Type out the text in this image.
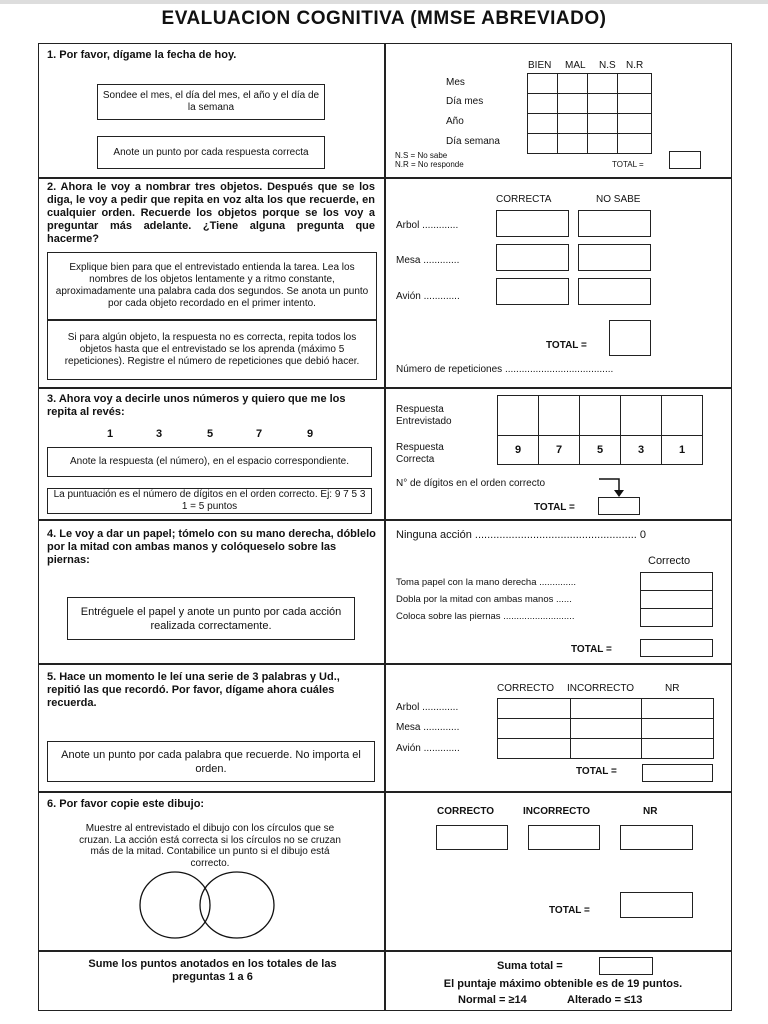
EVALUACION COGNITIVA (MMSE ABREVIADO)
1. Por favor, dígame la fecha de hoy.
Sondee el mes, el día del mes, el año y el día de la semana
Anote un punto por cada respuesta correcta
BIEN MAL N.S N.R
Mes
Día mes
Año
Día semana

N.S = No sabe
N.R = No responde	TOTAL =
2. Ahora le voy a nombrar tres objetos. Después que se los diga, le voy a pedir que repita en voz alta los que recuerde, en cualquier orden. Recuerde los objetos porque se los voy a preguntar más adelante. ¿Tiene alguna pregunta que hacerme?
Explique bien para que el entrevistado entienda la tarea. Lea los nombres de los objetos lentamente y a ritmo constante, aproximadamente una palabra cada dos segundos. Se anota un punto por cada objeto recordado en el primer intento.
Si para algún objeto, la respuesta no es correcta, repita todos los objetos hasta que el entrevistado se los aprenda (máximo 5 repeticiones). Registre el número de repeticiones que debió hacer.
CORRECTA	NO SABE
Arbol .............
Mesa .............
Avión .............
TOTAL =
Número de repeticiones .......................................
3. Ahora voy a decirle unos números y quiero que me los repita al revés:
1	3	5	7	9
Anote la respuesta (el número), en el espacio correspondiente.
La puntuación es el número de dígitos en el orden correcto. Ej: 9 7 5 3 1 = 5 puntos
Respuesta Entrevistado
Respuesta Correcta

9	7	5	3	1
N° de dígitos en el orden correcto
TOTAL =
4. Le voy a dar un papel; tómelo con su mano derecha, dóblelo por la mitad con ambas manos y colóqueselo sobre las piernas:
Entréguele el papel y anote un punto por cada acción realizada correctamente.
Ninguna acción ..................................................... 0
Correcto
Toma papel con la mano derecha ..............
Dobla por la mitad con ambas manos ......
Coloca sobre las piernas ...........................

TOTAL =
5. Hace un momento le leí una serie de 3 palabras y Ud., repitió las que recordó. Por favor, dígame ahora cuáles recuerda.
Anote un punto por cada palabra que recuerde. No importa el orden.
CORRECTO INCORRECTO	NR
Arbol .............
Mesa .............
Avión .............

TOTAL =
6. Por favor copie este dibujo:
Muestre al entrevistado el dibujo con los círculos que se cruzan. La acción está correcta si los círculos no se cruzan más de la mitad. Contabilice un punto si el dibujo está correcto.
CORRECTO	INCORRECTO	NR
TOTAL =
Sume los puntos anotados en los totales de las preguntas 1 a 6
Suma total =
El puntaje máximo obtenible es de 19 puntos.
Normal = ≥14	Alterado = ≤13
